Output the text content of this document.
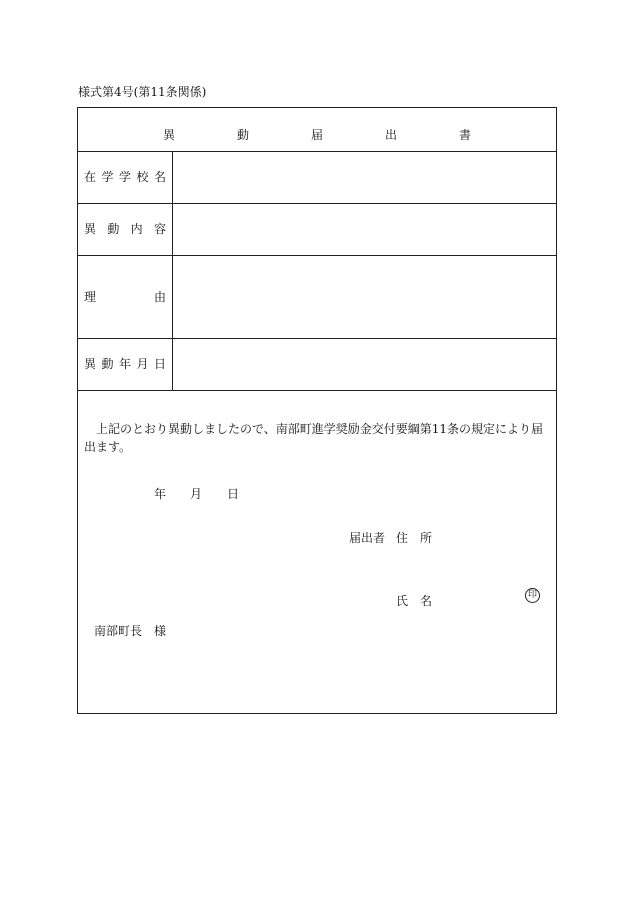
様式第4号(第11条関係)
異　動　届　出　書
在 学 学 校 名
異 動 内 容
理	由
異 動 年 月 日
上記のとおり異動しましたので、南部町進学奨励金交付要綱第11条の規定により届出ます。
年 月 日
届出者 住　所
氏　名	印
南部町長　様
